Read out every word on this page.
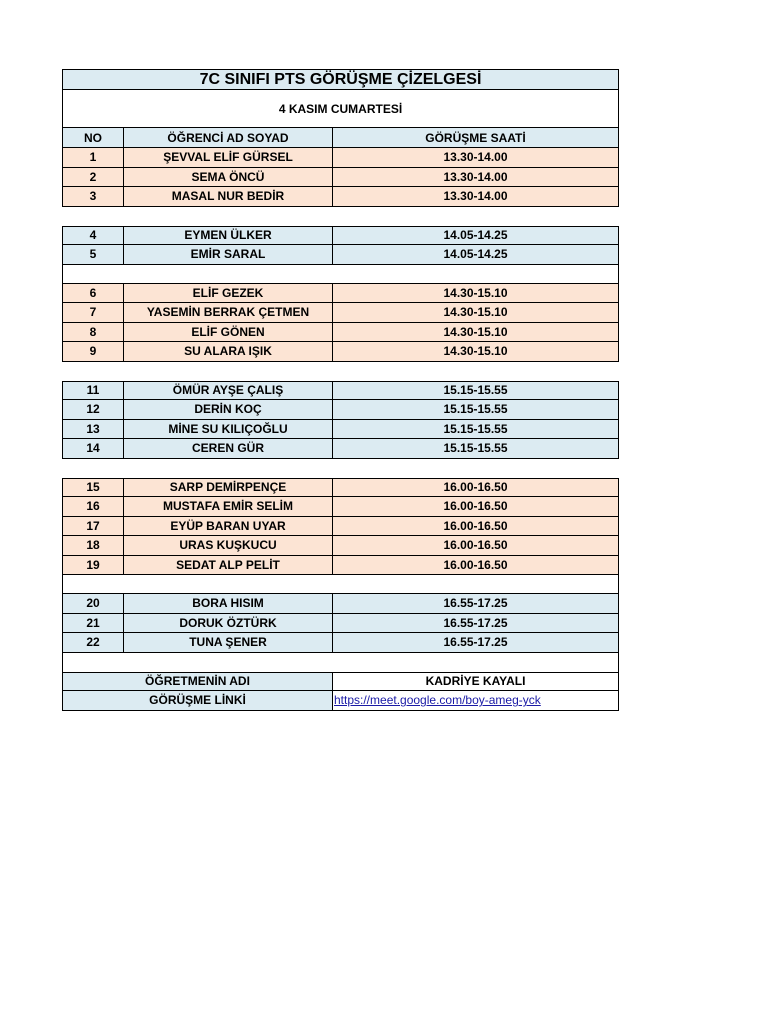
7C SINIFI PTS GÖRÜŞME ÇİZELGESİ
4 KASIM CUMARTESİ
NO	ÖĞRENCİ AD SOYAD	GÖRÜŞME SAATİ
1	ŞEVVAL ELİF GÜRSEL	13.30-14.00
2	SEMA ÖNCÜ	13.30-14.00
3	MASAL NUR BEDİR	13.30-14.00
4	EYMEN ÜLKER	14.05-14.25
5	EMİR SARAL	14.05-14.25
6	ELİF GEZEK	14.30-15.10
7	YASEMİN BERRAK ÇETMEN	14.30-15.10
8	ELİF GÖNEN	14.30-15.10
9	SU ALARA IŞIK	14.30-15.10
11	ÖMÜR AYŞE ÇALIŞ	15.15-15.55
12	DERİN KOÇ	15.15-15.55
13	MİNE SU KILIÇOĞLU	15.15-15.55
14	CEREN GÜR	15.15-15.55
15	SARP DEMİRPENÇE	16.00-16.50
16	MUSTAFA EMİR SELİM	16.00-16.50
17	EYÜP BARAN UYAR	16.00-16.50
18	URAS KUŞKUCU	16.00-16.50
19	SEDAT ALP PELİT	16.00-16.50
20	BORA HISIM	16.55-17.25
21	DORUK ÖZTÜRK	16.55-17.25
22	TUNA ŞENER	16.55-17.25
ÖĞRETMENİN ADI	KADRİYE KAYALI
GÖRÜŞME LİNKİ	https://meet.google.com/boy-ameg-yck
